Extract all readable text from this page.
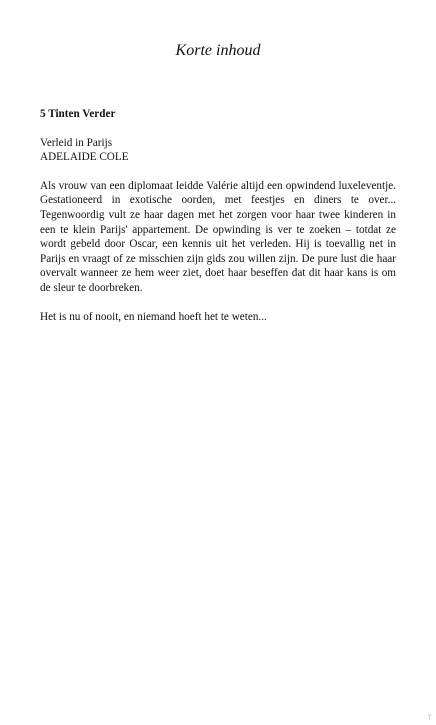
Korte inhoud

5 Tinten Verder

Verleid in Parijs

ADELAIDE COLE

Als vrouw van een diplomaat leidde Valérie altijd een opwindend luxeleventje. Gestationeerd in exotische oorden, met feestjes en diners te over... Tegenwoordig vult ze haar dagen met het zorgen voor haar twee kinderen in een te klein Parijs' appartement. De opwinding is ver te zoeken – totdat ze wordt gebeld door Oscar, een kennis uit het verleden. Hij is toevallig net in Parijs en vraagt of ze misschien zijn gids zou willen zijn. De pure lust die haar overvalt wanneer ze hem weer ziet, doet haar beseffen dat dit haar kans is om de sleur te doorbreken.

Het is nu of nooit, en niemand hoeft het te weten...
